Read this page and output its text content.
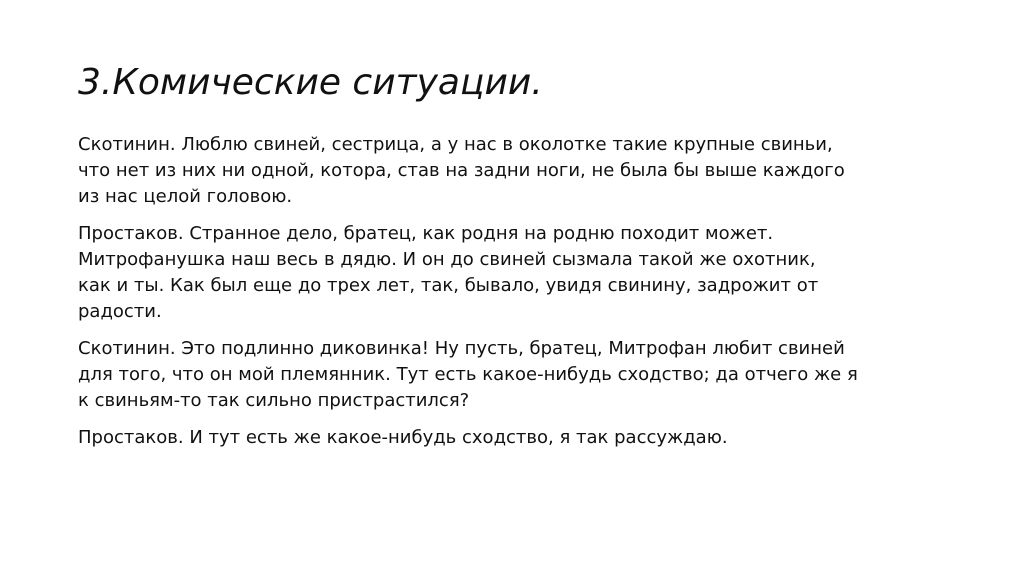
3.Комические ситуации.

Скотинин. Люблю свиней, сестрица, а у нас в околотке такие крупные свиньи,
что нет из них ни одной, котора, став на задни ноги, не была бы выше каждого
из нас целой головою.

Простаков. Странное дело, братец, как родня на родню походит может.
Митрофанушка наш весь в дядю. И он до свиней сызмала такой же охотник,
как и ты. Как был еще до трех лет, так, бывало, увидя свинину, задрожит от
радости.

Скотинин. Это подлинно диковинка! Ну пусть, братец, Митрофан любит свиней
для того, что он мой племянник. Тут есть какое-нибудь сходство; да отчего же я
к свиньям-то так сильно пристрастился?

Простаков. И тут есть же какое-нибудь сходство, я так рассуждаю.
